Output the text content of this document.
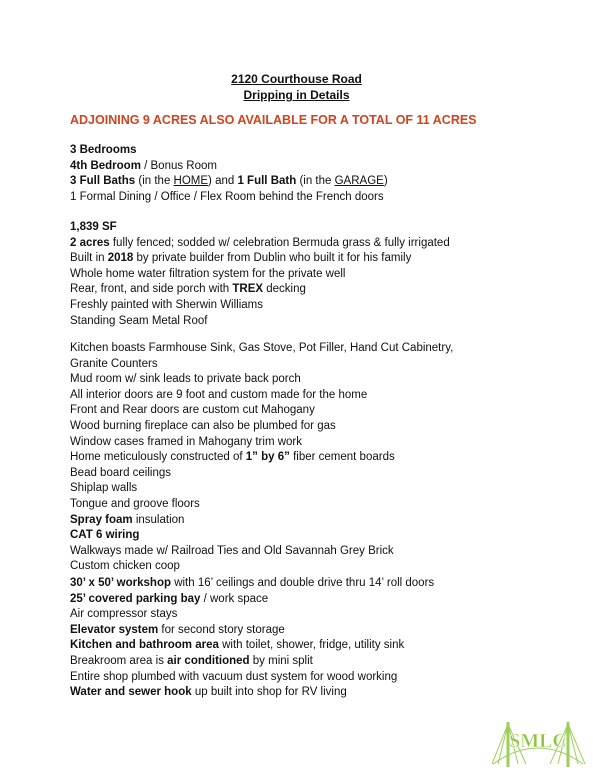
2120 Courthouse Road
Dripping in Details
ADJOINING 9 ACRES ALSO AVAILABLE FOR A TOTAL OF 11 ACRES

3 Bedrooms

4th Bedroom / Bonus Room

3 Full Baths (in the HOME) and 1 Full Bath (in the GARAGE)

1 Formal Dining / Office / Flex Room behind the French doors

1,839 SF

2 acres fully fenced; sodded w/ celebration Bermuda grass & fully irrigated

Built in 2018 by private builder from Dublin who built it for his family

Whole home water filtration system for the private well

Rear, front, and side porch with TREX decking

Freshly painted with Sherwin Williams

Standing Seam Metal Roof

Kitchen boasts Farmhouse Sink, Gas Stove, Pot Filler, Hand Cut Cabinetry,

Granite Counters

Mud room w/ sink leads to private back porch

All interior doors are 9 foot and custom made for the home

Front and Rear doors are custom cut Mahogany

Wood burning fireplace can also be plumbed for gas

Window cases framed in Mahogany trim work

Home meticulously constructed of 1” by 6” fiber cement boards

Bead board ceilings

Shiplap walls

Tongue and groove floors

Spray foam insulation

CAT 6 wiring

Walkways made w/ Railroad Ties and Old Savannah Grey Brick

Custom chicken coop

30’ x 50’ workshop with 16’ ceilings and double drive thru 14’ roll doors

25’ covered parking bay / work space

Air compressor stays

Elevator system for second story storage

Kitchen and bathroom area with toilet, shower, fridge, utility sink

Breakroom area is air conditioned by mini split

Entire shop plumbed with vacuum dust system for wood working

Water and sewer hook up built into shop for RV living

SMLC
